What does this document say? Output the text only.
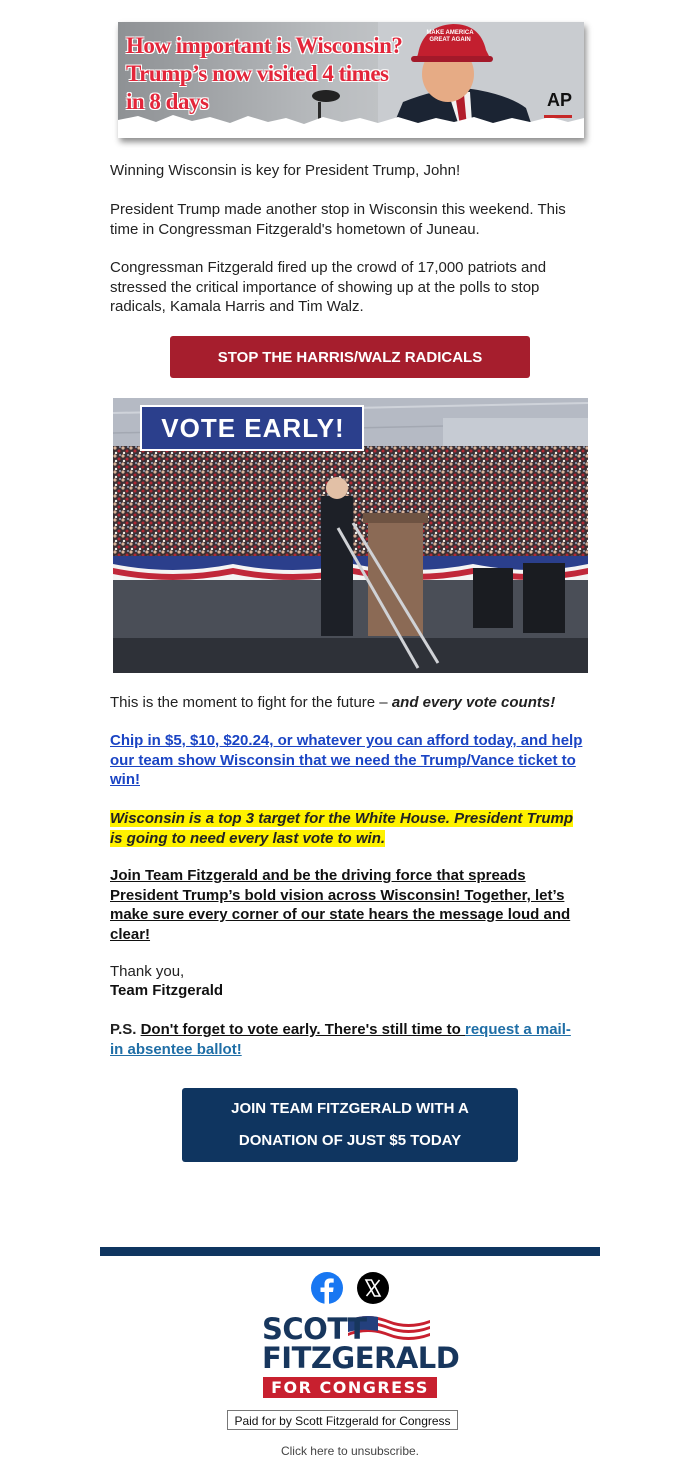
How important is Wisconsin?
Trump’s now visited 4 times
in 8 days
MAKE AMERICA GREAT AGAIN
AP

Winning Wisconsin is key for President Trump, John!

President Trump made another stop in Wisconsin this weekend. This time in Congressman Fitzgerald's hometown of Juneau.

Congressman Fitzgerald fired up the crowd of 17,000 patriots and stressed the critical importance of showing up at the polls to stop radicals, Kamala Harris and Tim Walz.

STOP THE HARRIS/WALZ RADICALS
VOTE EARLY!

This is the moment to fight for the future – and every vote counts!

Chip in $5, $10, $20.24, or whatever you can afford today, and help our team show Wisconsin that we need the Trump/Vance ticket to win!

Wisconsin is a top 3 target for the White House. President Trump is going to need every last vote to win.

Join Team Fitzgerald and be the driving force that spreads President Trump’s bold vision across Wisconsin! Together, let’s make sure every corner of our state hears the message loud and clear!

Thank you,

Team Fitzgerald

P.S. Don't forget to vote early. There's still time to request a mail-in absentee ballot!

JOIN TEAM FITZGERALD WITH A
DONATION OF JUST $5 TODAY
SCOTT
FITZGERALD
FOR CONGRESS
Paid for by Scott Fitzgerald for Congress
Click here to unsubscribe.
